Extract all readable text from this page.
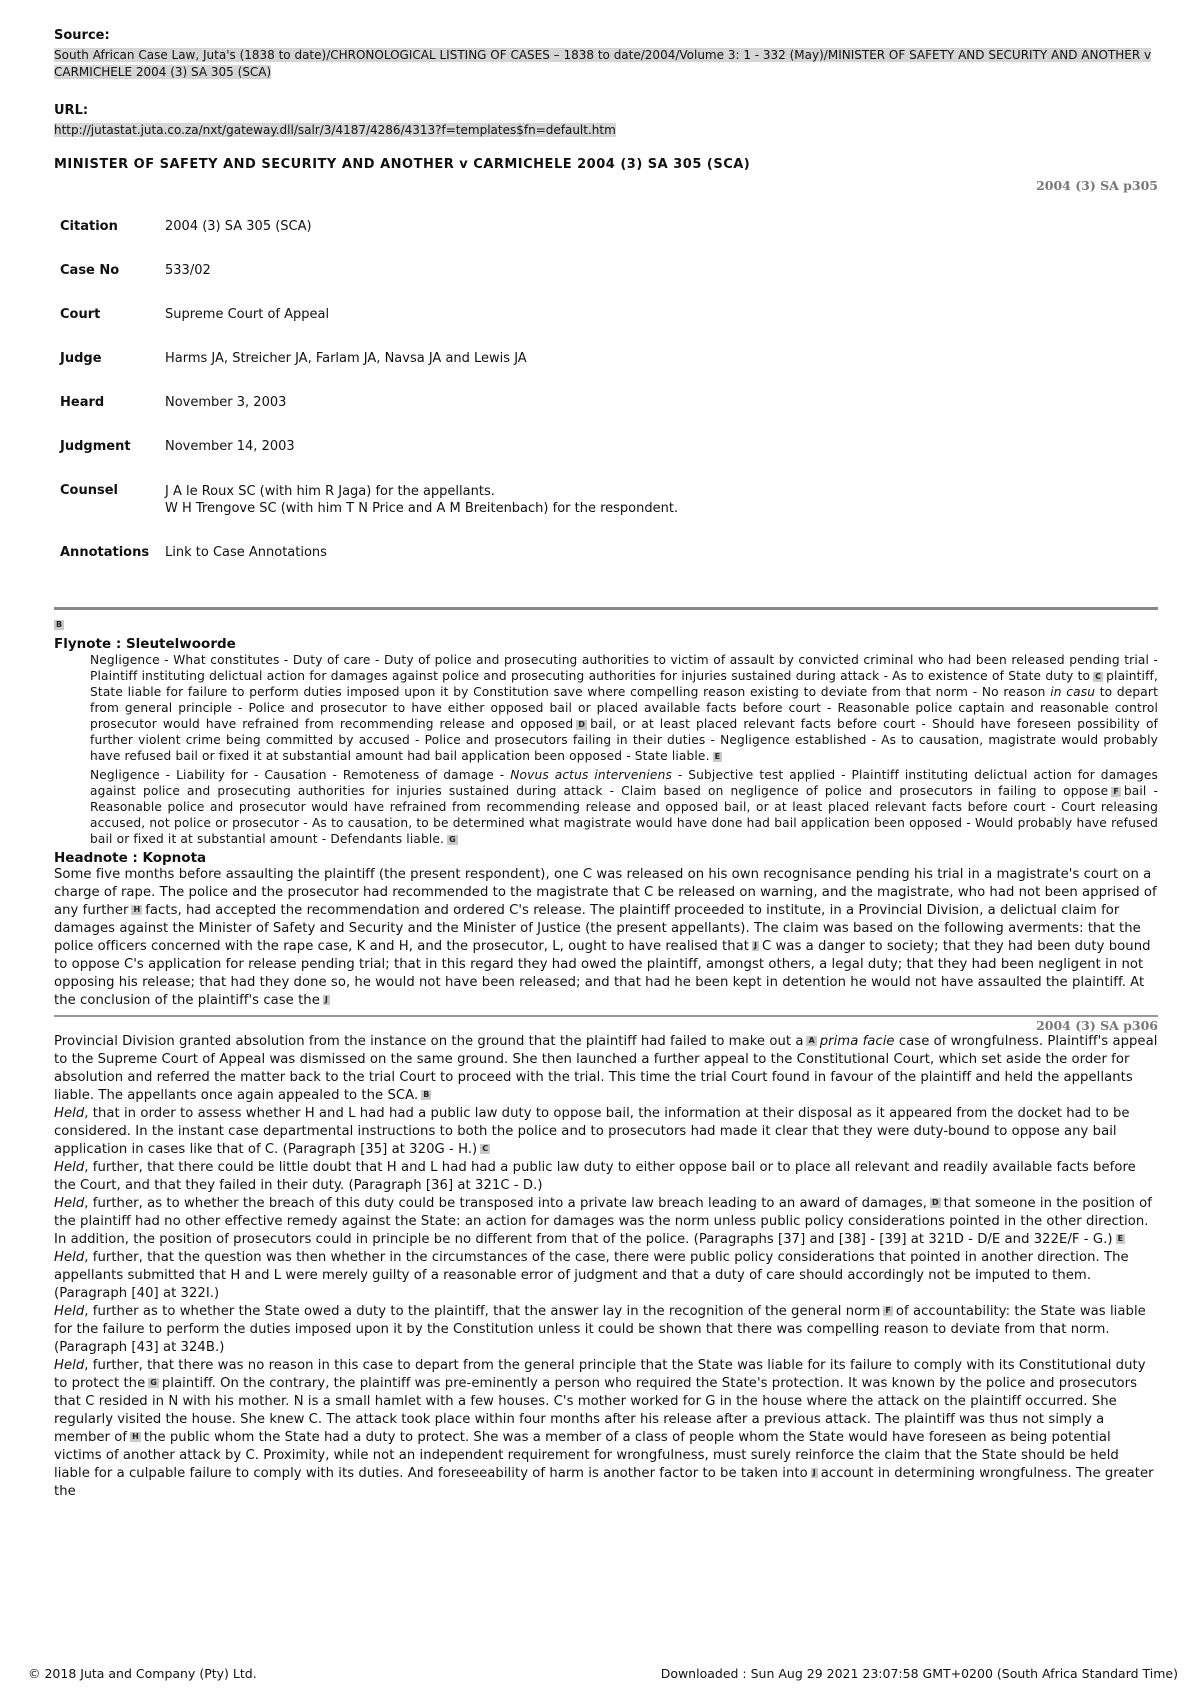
Source:
South African Case Law, Juta's (1838 to date)/CHRONOLOGICAL LISTING OF CASES – 1838 to date/2004/Volume 3: 1 - 332 (May)/MINISTER OF SAFETY AND SECURITY AND ANOTHER v CARMICHELE 2004 (3) SA 305 (SCA)
URL:
http://jutastat.juta.co.za/nxt/gateway.dll/salr/3/4187/4286/4313?f=templates$fn=default.htm
MINISTER OF SAFETY AND SECURITY AND ANOTHER v CARMICHELE 2004 (3) SA 305 (SCA)
2004 (3) SA p305
Citation	2004 (3) SA 305 (SCA)
Case No	533/02
Court	Supreme Court of Appeal
Judge	Harms JA, Streicher JA, Farlam JA, Navsa JA and Lewis JA
Heard	November 3, 2003
Judgment	November 14, 2003
Counsel	J A le Roux SC (with him R Jaga) for the appellants.
W H Trengove SC (with him T N Price and A M Breitenbach) for the respondent.

Annotations	Link to Case Annotations
B
Flynote : Sleutelwoorde

Negligence - What constitutes - Duty of care - Duty of police and prosecuting authorities to victim of assault by convicted criminal who had been released pending trial - Plaintiff instituting delictual action for damages against police and prosecuting authorities for injuries sustained during attack - As to existence of State duty to C plaintiff, State liable for failure to perform duties imposed upon it by Constitution save where compelling reason existing to deviate from that norm - No reason in casu to depart from general principle - Police and prosecutor to have either opposed bail or placed available facts before court - Reasonable police captain and reasonable control prosecutor would have refrained from recommending release and opposed D bail, or at least placed relevant facts before court - Should have foreseen possibility of further violent crime being committed by accused - Police and prosecutors failing in their duties - Negligence established - As to causation, magistrate would probably have refused bail or fixed it at substantial amount had bail application been opposed - State liable. E

Negligence - Liability for - Causation - Remoteness of damage - Novus actus interveniens - Subjective test applied - Plaintiff instituting delictual action for damages against police and prosecuting authorities for injuries sustained during attack - Claim based on negligence of police and prosecutors in failing to oppose F bail - Reasonable police and prosecutor would have refrained from recommending release and opposed bail, or at least placed relevant facts before court - Court releasing accused, not police or prosecutor - As to causation, to be determined what magistrate would have done had bail application been opposed - Would probably have refused bail or fixed it at substantial amount - Defendants liable. G

Headnote : Kopnota

Some five months before assaulting the plaintiff (the present respondent), one C was released on his own recognisance pending his trial in a magistrate's court on a charge of rape. The police and the prosecutor had recommended to the magistrate that C be released on warning, and the magistrate, who had not been apprised of any further H facts, had accepted the recommendation and ordered C's release. The plaintiff proceeded to institute, in a Provincial Division, a delictual claim for damages against the Minister of Safety and Security and the Minister of Justice (the present appellants). The claim was based on the following averments: that the police officers concerned with the rape case, K and H, and the prosecutor, L, ought to have realised that J C was a danger to society; that they had been duty bound to oppose C's application for release pending trial; that in this regard they had owed the plaintiff, amongst others, a legal duty; that they had been negligent in not opposing his release; that had they done so, he would not have been released; and that had he been kept in detention he would not have assaulted the plaintiff. At the conclusion of the plaintiff's case the J

2004 (3) SA p306

Provincial Division granted absolution from the instance on the ground that the plaintiff had failed to make out a A prima facie case of wrongfulness. Plaintiff's appeal to the Supreme Court of Appeal was dismissed on the same ground. She then launched a further appeal to the Constitutional Court, which set aside the order for absolution and referred the matter back to the trial Court to proceed with the trial. This time the trial Court found in favour of the plaintiff and held the appellants liable. The appellants once again appealed to the SCA. B

Held, that in order to assess whether H and L had had a public law duty to oppose bail, the information at their disposal as it appeared from the docket had to be considered. In the instant case departmental instructions to both the police and to prosecutors had made it clear that they were duty-bound to oppose any bail application in cases like that of C. (Paragraph [35] at 320G - H.) C

Held, further, that there could be little doubt that H and L had had a public law duty to either oppose bail or to place all relevant and readily available facts before the Court, and that they failed in their duty. (Paragraph [36] at 321C - D.)

Held, further, as to whether the breach of this duty could be transposed into a private law breach leading to an award of damages, D that someone in the position of the plaintiff had no other effective remedy against the State: an action for damages was the norm unless public policy considerations pointed in the other direction. In addition, the position of prosecutors could in principle be no different from that of the police. (Paragraphs [37] and [38] - [39] at 321D - D/E and 322E/F - G.) E

Held, further, that the question was then whether in the circumstances of the case, there were public policy considerations that pointed in another direction. The appellants submitted that H and L were merely guilty of a reasonable error of judgment and that a duty of care should accordingly not be imputed to them. (Paragraph [40] at 322I.)

Held, further as to whether the State owed a duty to the plaintiff, that the answer lay in the recognition of the general norm F of accountability: the State was liable for the failure to perform the duties imposed upon it by the Constitution unless it could be shown that there was compelling reason to deviate from that norm. (Paragraph [43] at 324B.)

Held, further, that there was no reason in this case to depart from the general principle that the State was liable for its failure to comply with its Constitutional duty to protect the G plaintiff. On the contrary, the plaintiff was pre-eminently a person who required the State's protection. It was known by the police and prosecutors that C resided in N with his mother. N is a small hamlet with a few houses. C's mother worked for G in the house where the attack on the plaintiff occurred. She regularly visited the house. She knew C. The attack took place within four months after his release after a previous attack. The plaintiff was thus not simply a member of H the public whom the State had a duty to protect. She was a member of a class of people whom the State would have foreseen as being potential victims of another attack by C. Proximity, while not an independent requirement for wrongfulness, must surely reinforce the claim that the State should be held liable for a culpable failure to comply with its duties. And foreseeability of harm is another factor to be taken into J account in determining wrongfulness. The greater the

© 2018 Juta and Company (Pty) Ltd.	Downloaded : Sun Aug 29 2021 23:07:58 GMT+0200 (South Africa Standard Time)
